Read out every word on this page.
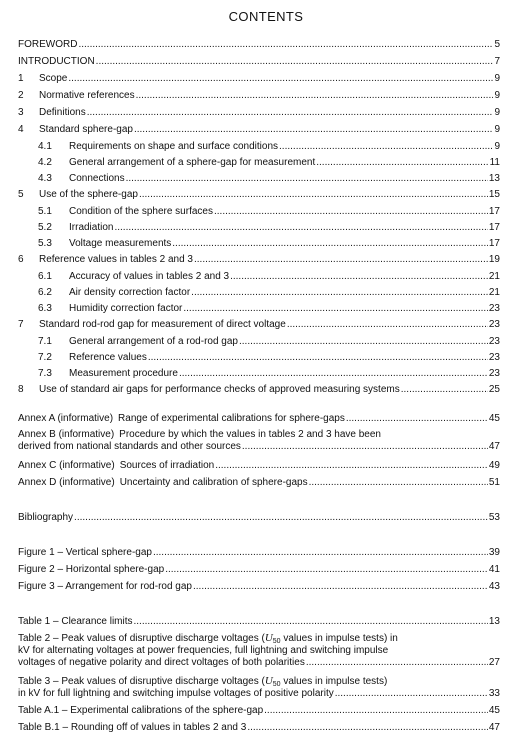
CONTENTS
FOREWORD .....	5
INTRODUCTION .....	7
1	Scope .....	9
2	Normative references .....	9
3	Definitions .....	9
4	Standard sphere-gap .....	9
4.1	Requirements on shape and surface conditions .....	9
4.2	General arrangement of a sphere-gap for measurement .....	11
4.3	Connections .....	13
5	Use of the sphere-gap .....	15
5.1	Condition of the sphere surfaces .....	17
5.2	Irradiation .....	17
5.3	Voltage measurements .....	17
6	Reference values in tables 2 and 3 .....	19
6.1	Accuracy of values in tables 2 and 3 .....	21
6.2	Air density correction factor .....	21
6.3	Humidity correction factor .....	23
7	Standard rod-rod gap for measurement of direct voltage .....	23
7.1	General arrangement of a rod-rod gap .....	23
7.2	Reference values .....	23
7.3	Measurement procedure .....	23
8	Use of standard air gaps for performance checks of approved measuring systems .....	25
Annex A (informative) Range of experimental calibrations for sphere-gaps .....	45
Annex B (informative) Procedure by which the values in tables 2 and 3 have been
derived from national standards and other sources .....	47
Annex C (informative) Sources of irradiation .....	49
Annex D (informative) Uncertainty and calibration of sphere-gaps .....	51
Bibliography .....	53
Figure 1 – Vertical sphere-gap .....	39
Figure 2 – Horizontal sphere-gap .....	41
Figure 3 – Arrangement for rod-rod gap .....	43
Table 1 – Clearance limits .....	13
Table 2 – Peak values of disruptive discharge voltages ($U_{50}$ values in impulse tests) in
kV for alternating voltages at power frequencies, full lightning and switching impulse
voltages of negative polarity and direct voltages of both polarities .....	27
Table 3 – Peak values of disruptive discharge voltages ($U_{50}$ values in impulse tests)
in kV for full lightning and switching impulse voltages of positive polarity .....	33
Table A.1 – Experimental calibrations of the sphere-gap .....	45
Table B.1 – Rounding off of values in tables 2 and 3 .....	47
